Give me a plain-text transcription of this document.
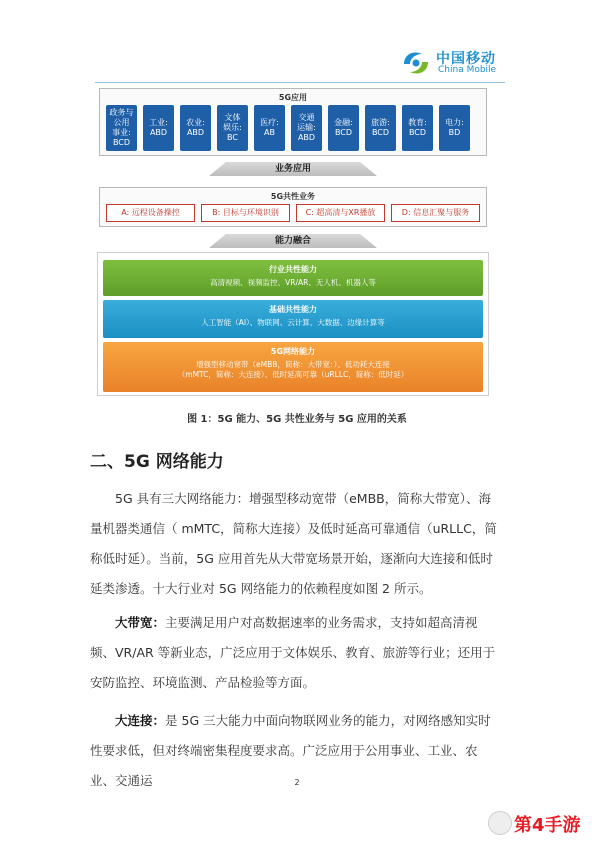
中国移动
China Mobile
5G应用
政务与
公用
事业:
BCD
工业:
ABD
农业:
ABD
文体
娱乐:
BC
医疗:
AB
交通
运输:
ABD
金融:
BCD
旅游:
BCD
教育:
BCD
电力:
BD
业务应用
5G共性业务
A: 远程设备操控	B: 目标与环境识别	C: 超高清与XR播放	D: 信息汇聚与服务
能力融合
行业共性能力
高清视频、视频监控、VR/AR、无人机、机器人等
基础共性能力
人工智能（AI）、物联网、云计算、大数据、边缘计算等
5G网络能力
增强型移动宽带（eMBB，简称：大带宽：）、低功耗大连接
（mMTC，简称：大连接）、低时延高可靠（uRLLC，简称：低时延）
图 1：5G 能力、5G 共性业务与 5G 应用的关系
二、5G 网络能力
5G 具有三大网络能力：增强型移动宽带（eMBB，简称大带宽）、海量机器类通信（ mMTC，简称大连接）及低时延高可靠通信（uRLLC，简称低时延）。当前，5G 应用首先从大带宽场景开始，逐渐向大连接和低时延类渗透。十大行业对 5G 网络能力的依赖程度如图 2 所示。
大带宽：主要满足用户对高数据速率的业务需求，支持如超高清视频、VR/AR 等新业态，广泛应用于文体娱乐、教育、旅游等行业；还用于安防监控、环境监测、产品检验等方面。
大连接：是 5G 三大能力中面向物联网业务的能力，对网络感知实时性要求低，但对终端密集程度要求高。广泛应用于公用事业、工业、农业、交通运	2
第4手游
